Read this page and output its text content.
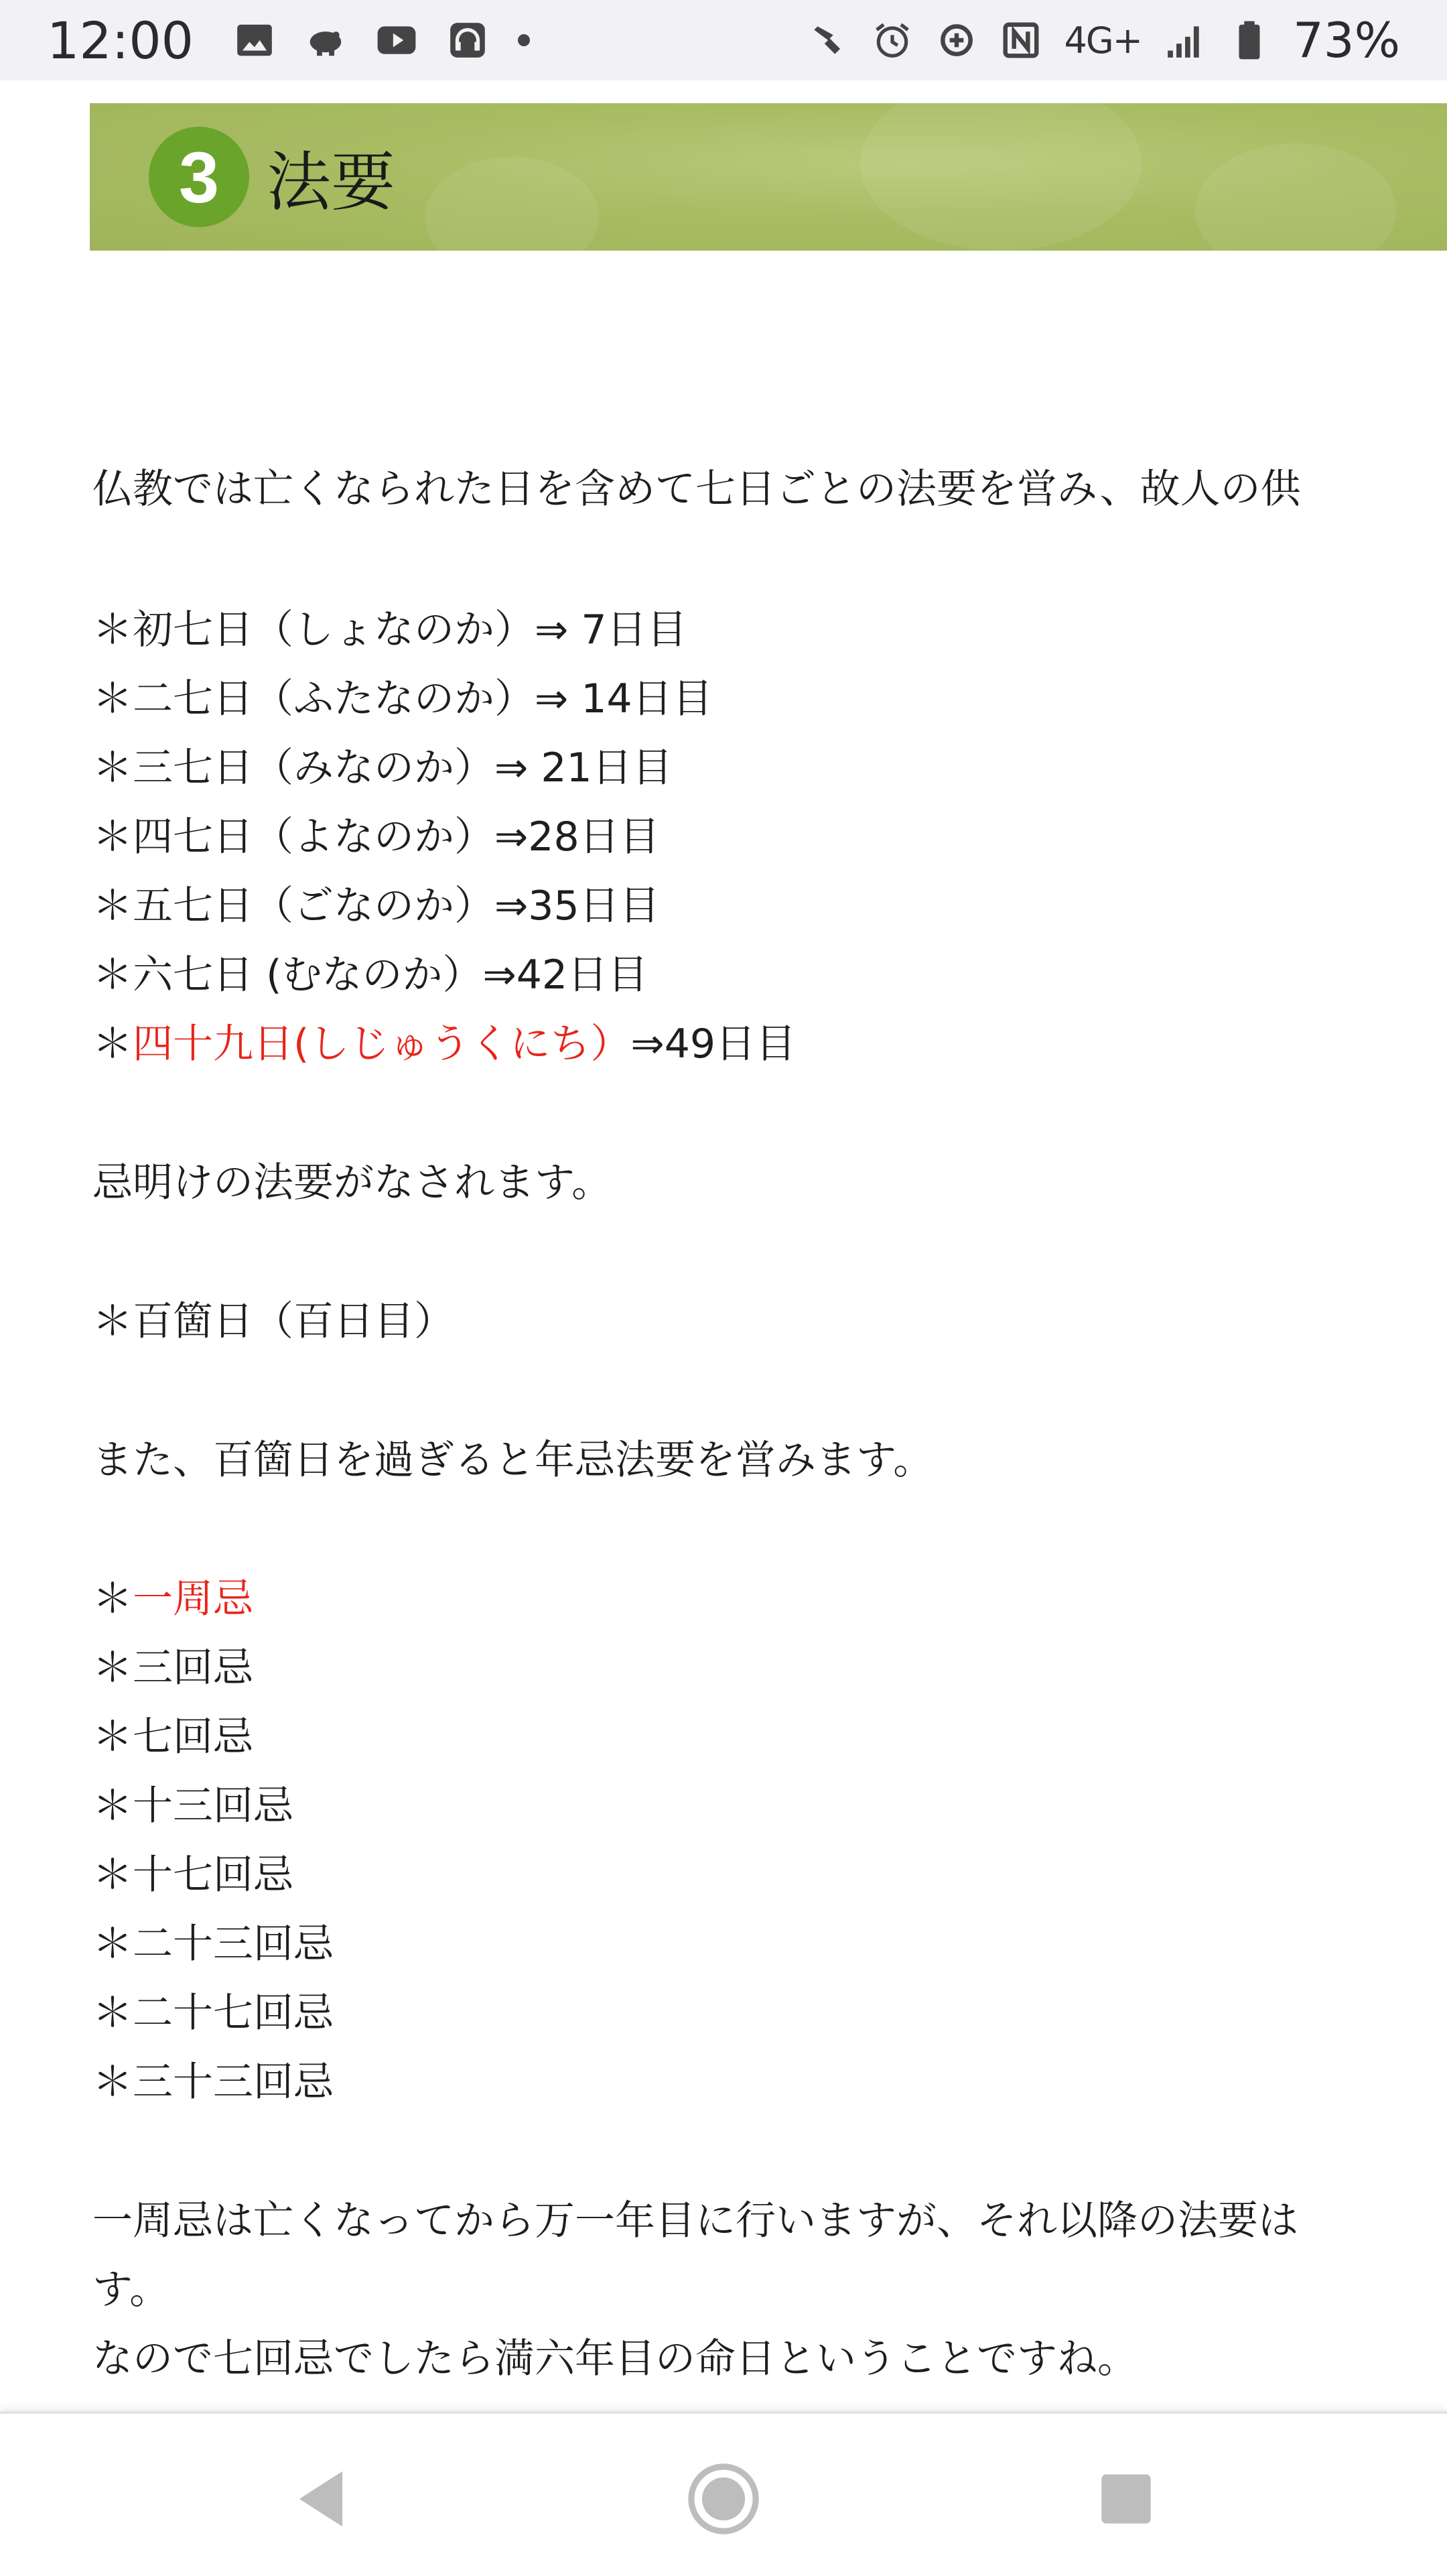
12:00	4G+	73%
仏教では亡くなられた日を含めて七日ごとの法要を営み、故人の供
＊初七日（しょなのか）⇒ 7日目
＊二七日（ふたなのか）⇒ 14日目
＊三七日（みなのか）⇒ 21日目
＊四七日（よなのか）⇒28日目
＊五七日（ごなのか）⇒35日目
＊六七日 (むなのか）⇒42日目
＊四十九日(しじゅうくにち）⇒49日目
忌明けの法要がなされます。
＊百箇日（百日目）
また、百箇日を過ぎると年忌法要を営みます。
＊一周忌
＊三回忌
＊七回忌
＊十三回忌
＊十七回忌
＊二十三回忌
＊二十七回忌
＊三十三回忌
一周忌は亡くなってから万一年目に行いますが、それ以降の法要は
す。
なので七回忌でしたら満六年目の命日ということですね。
3 法要
